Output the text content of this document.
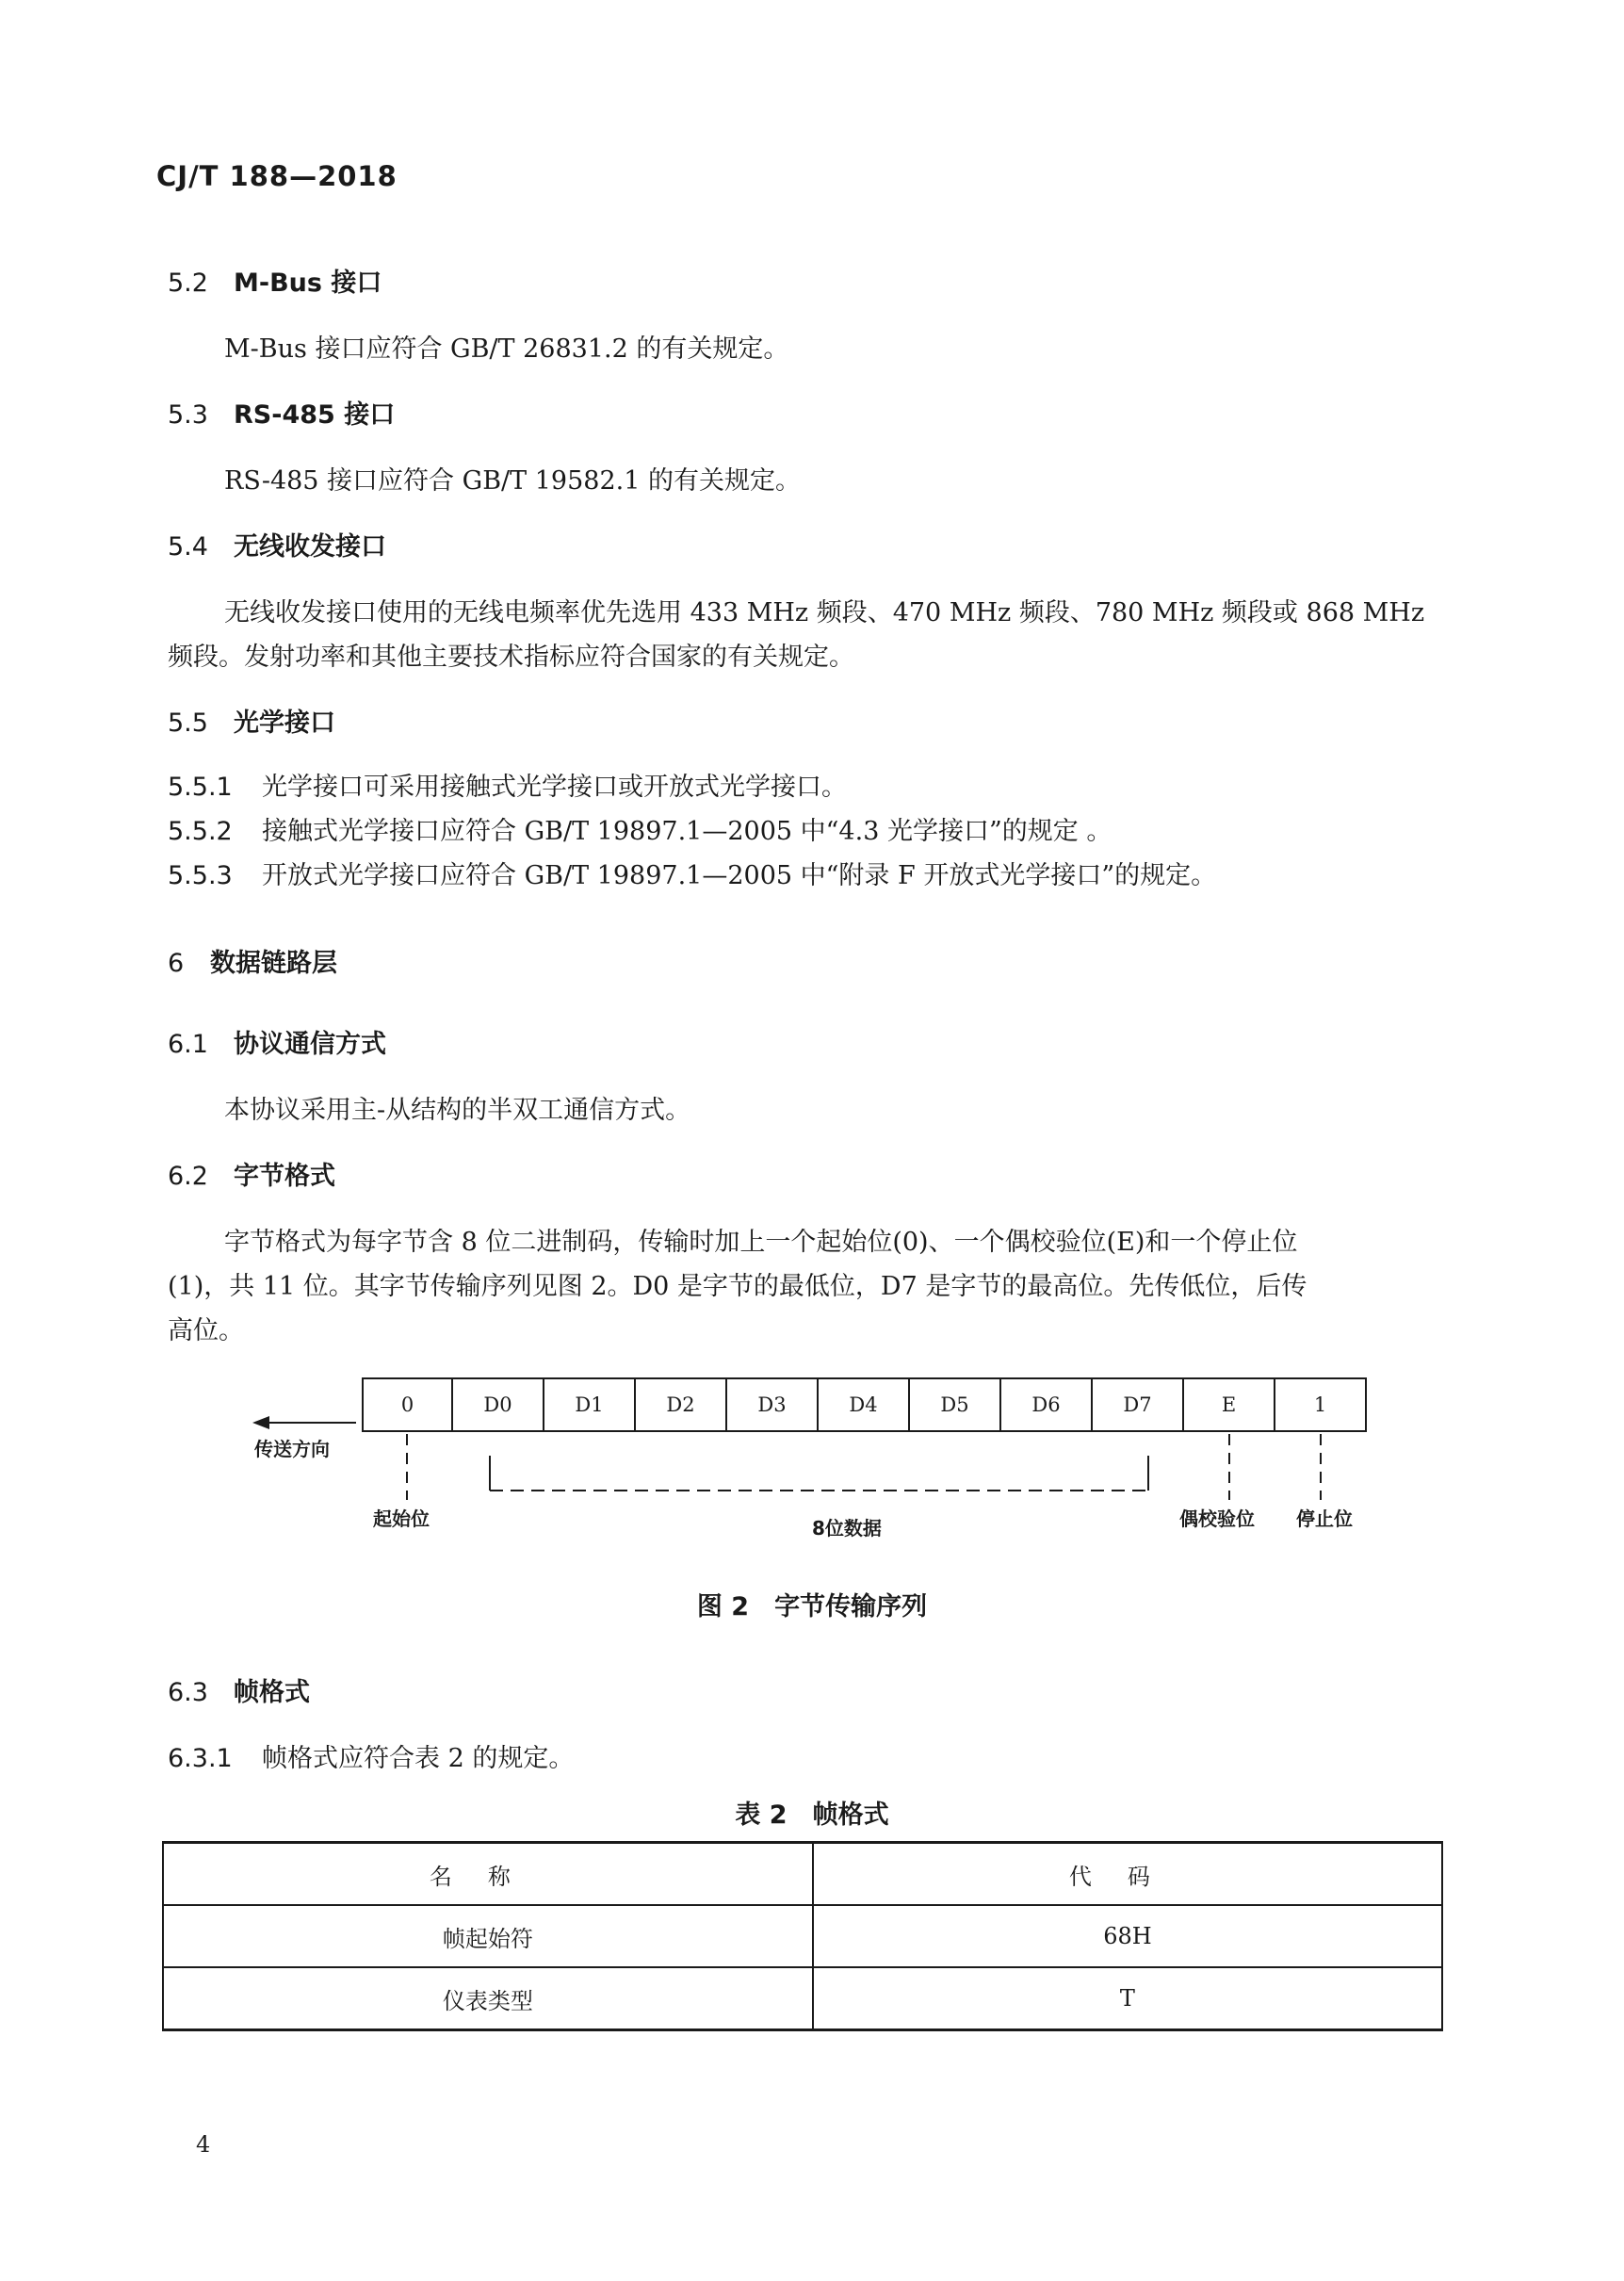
CJ/T 188—2018
5.2 M-Bus 接口
M-Bus 接口应符合 GB/T 26831.2 的有关规定。
5.3 RS-485 接口
RS-485 接口应符合 GB/T 19582.1 的有关规定。
5.4 无线收发接口
无线收发接口使用的无线电频率优先选用 433 MHz 频段、470 MHz 频段、780 MHz 频段或 868 MHz
频段。发射功率和其他主要技术指标应符合国家的有关规定。
5.5 光学接口
5.5.1 光学接口可采用接触式光学接口或开放式光学接口。
5.5.2 接触式光学接口应符合 GB/T 19897.1—2005 中“4.3 光学接口”的规定 。
5.5.3 开放式光学接口应符合 GB/T 19897.1—2005 中“附录 F 开放式光学接口”的规定。
6 数据链路层
6.1 协议通信方式
本协议采用主-从结构的半双工通信方式。
6.2 字节格式
字节格式为每字节含 8 位二进制码，传输时加上一个起始位(0)、一个偶校验位(E)和一个停止位
(1)，共 11 位。其字节传输序列见图 2。D0 是字节的最低位，D7 是字节的最高位。先传低位，后传
高位。
0	D0	D1	D2	D3	D4	D5	D6	D7	E	1
传送方向
起始位	8位数据	偶校验位 停止位
图 2　字节传输序列
6.3 帧格式
6.3.1 帧格式应符合表 2 的规定。
表 2　帧格式
名称	代码
帧起始符	68H
仪表类型	T
4
